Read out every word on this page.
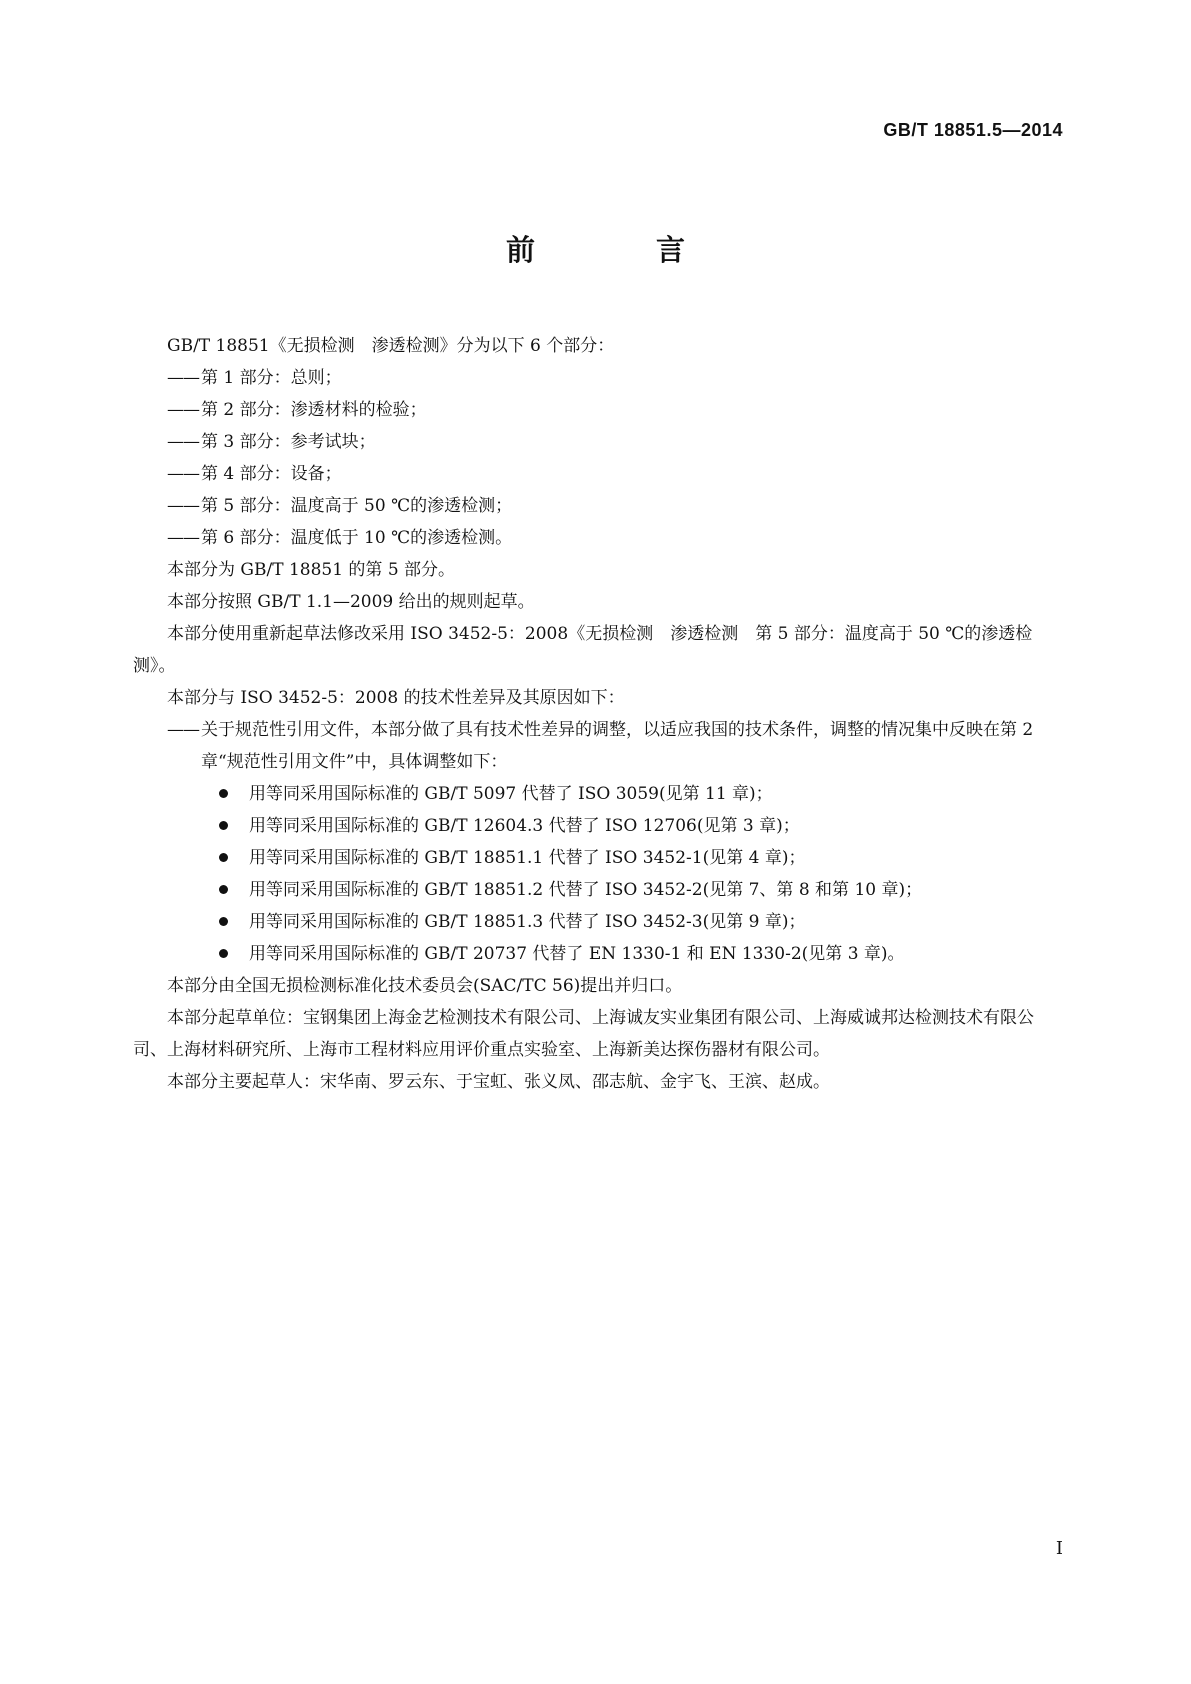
GB/T 18851.5—2014
前　言

GB/T 18851《无损检测　渗透检测》分为以下 6 个部分：

—— 第 1 部分：总则；

—— 第 2 部分：渗透材料的检验；

—— 第 3 部分：参考试块；

—— 第 4 部分：设备；

—— 第 5 部分：温度高于 50 ℃的渗透检测；

—— 第 6 部分：温度低于 10 ℃的渗透检测。

本部分为 GB/T 18851 的第 5 部分。

本部分按照 GB/T 1.1—2009 给出的规则起草。

本部分使用重新起草法修改采用 ISO 3452-5：2008《无损检测　渗透检测　第 5 部分：温度高于 50 ℃的渗透检测》。

本部分与 ISO 3452-5：2008 的技术性差异及其原因如下：

—— 关于规范性引用文件，本部分做了具有技术性差异的调整，以适应我国的技术条件，调整的情况集中反映在第 2 章“规范性引用文件”中，具体调整如下：

用等同采用国际标准的 GB/T 5097 代替了 ISO 3059(见第 11 章)；
用等同采用国际标准的 GB/T 12604.3 代替了 ISO 12706(见第 3 章)；
用等同采用国际标准的 GB/T 18851.1 代替了 ISO 3452-1(见第 4 章)；
用等同采用国际标准的 GB/T 18851.2 代替了 ISO 3452-2(见第 7、第 8 和第 10 章)；
用等同采用国际标准的 GB/T 18851.3 代替了 ISO 3452-3(见第 9 章)；
用等同采用国际标准的 GB/T 20737 代替了 EN 1330-1 和 EN 1330-2(见第 3 章)。

本部分由全国无损检测标准化技术委员会(SAC/TC 56)提出并归口。

本部分起草单位：宝钢集团上海金艺检测技术有限公司、上海诚友实业集团有限公司、上海威诚邦达检测技术有限公司、上海材料研究所、上海市工程材料应用评价重点实验室、上海新美达探伤器材有限公司。

本部分主要起草人：宋华南、罗云东、于宝虹、张义凤、邵志航、金宇飞、王滨、赵成。

I
